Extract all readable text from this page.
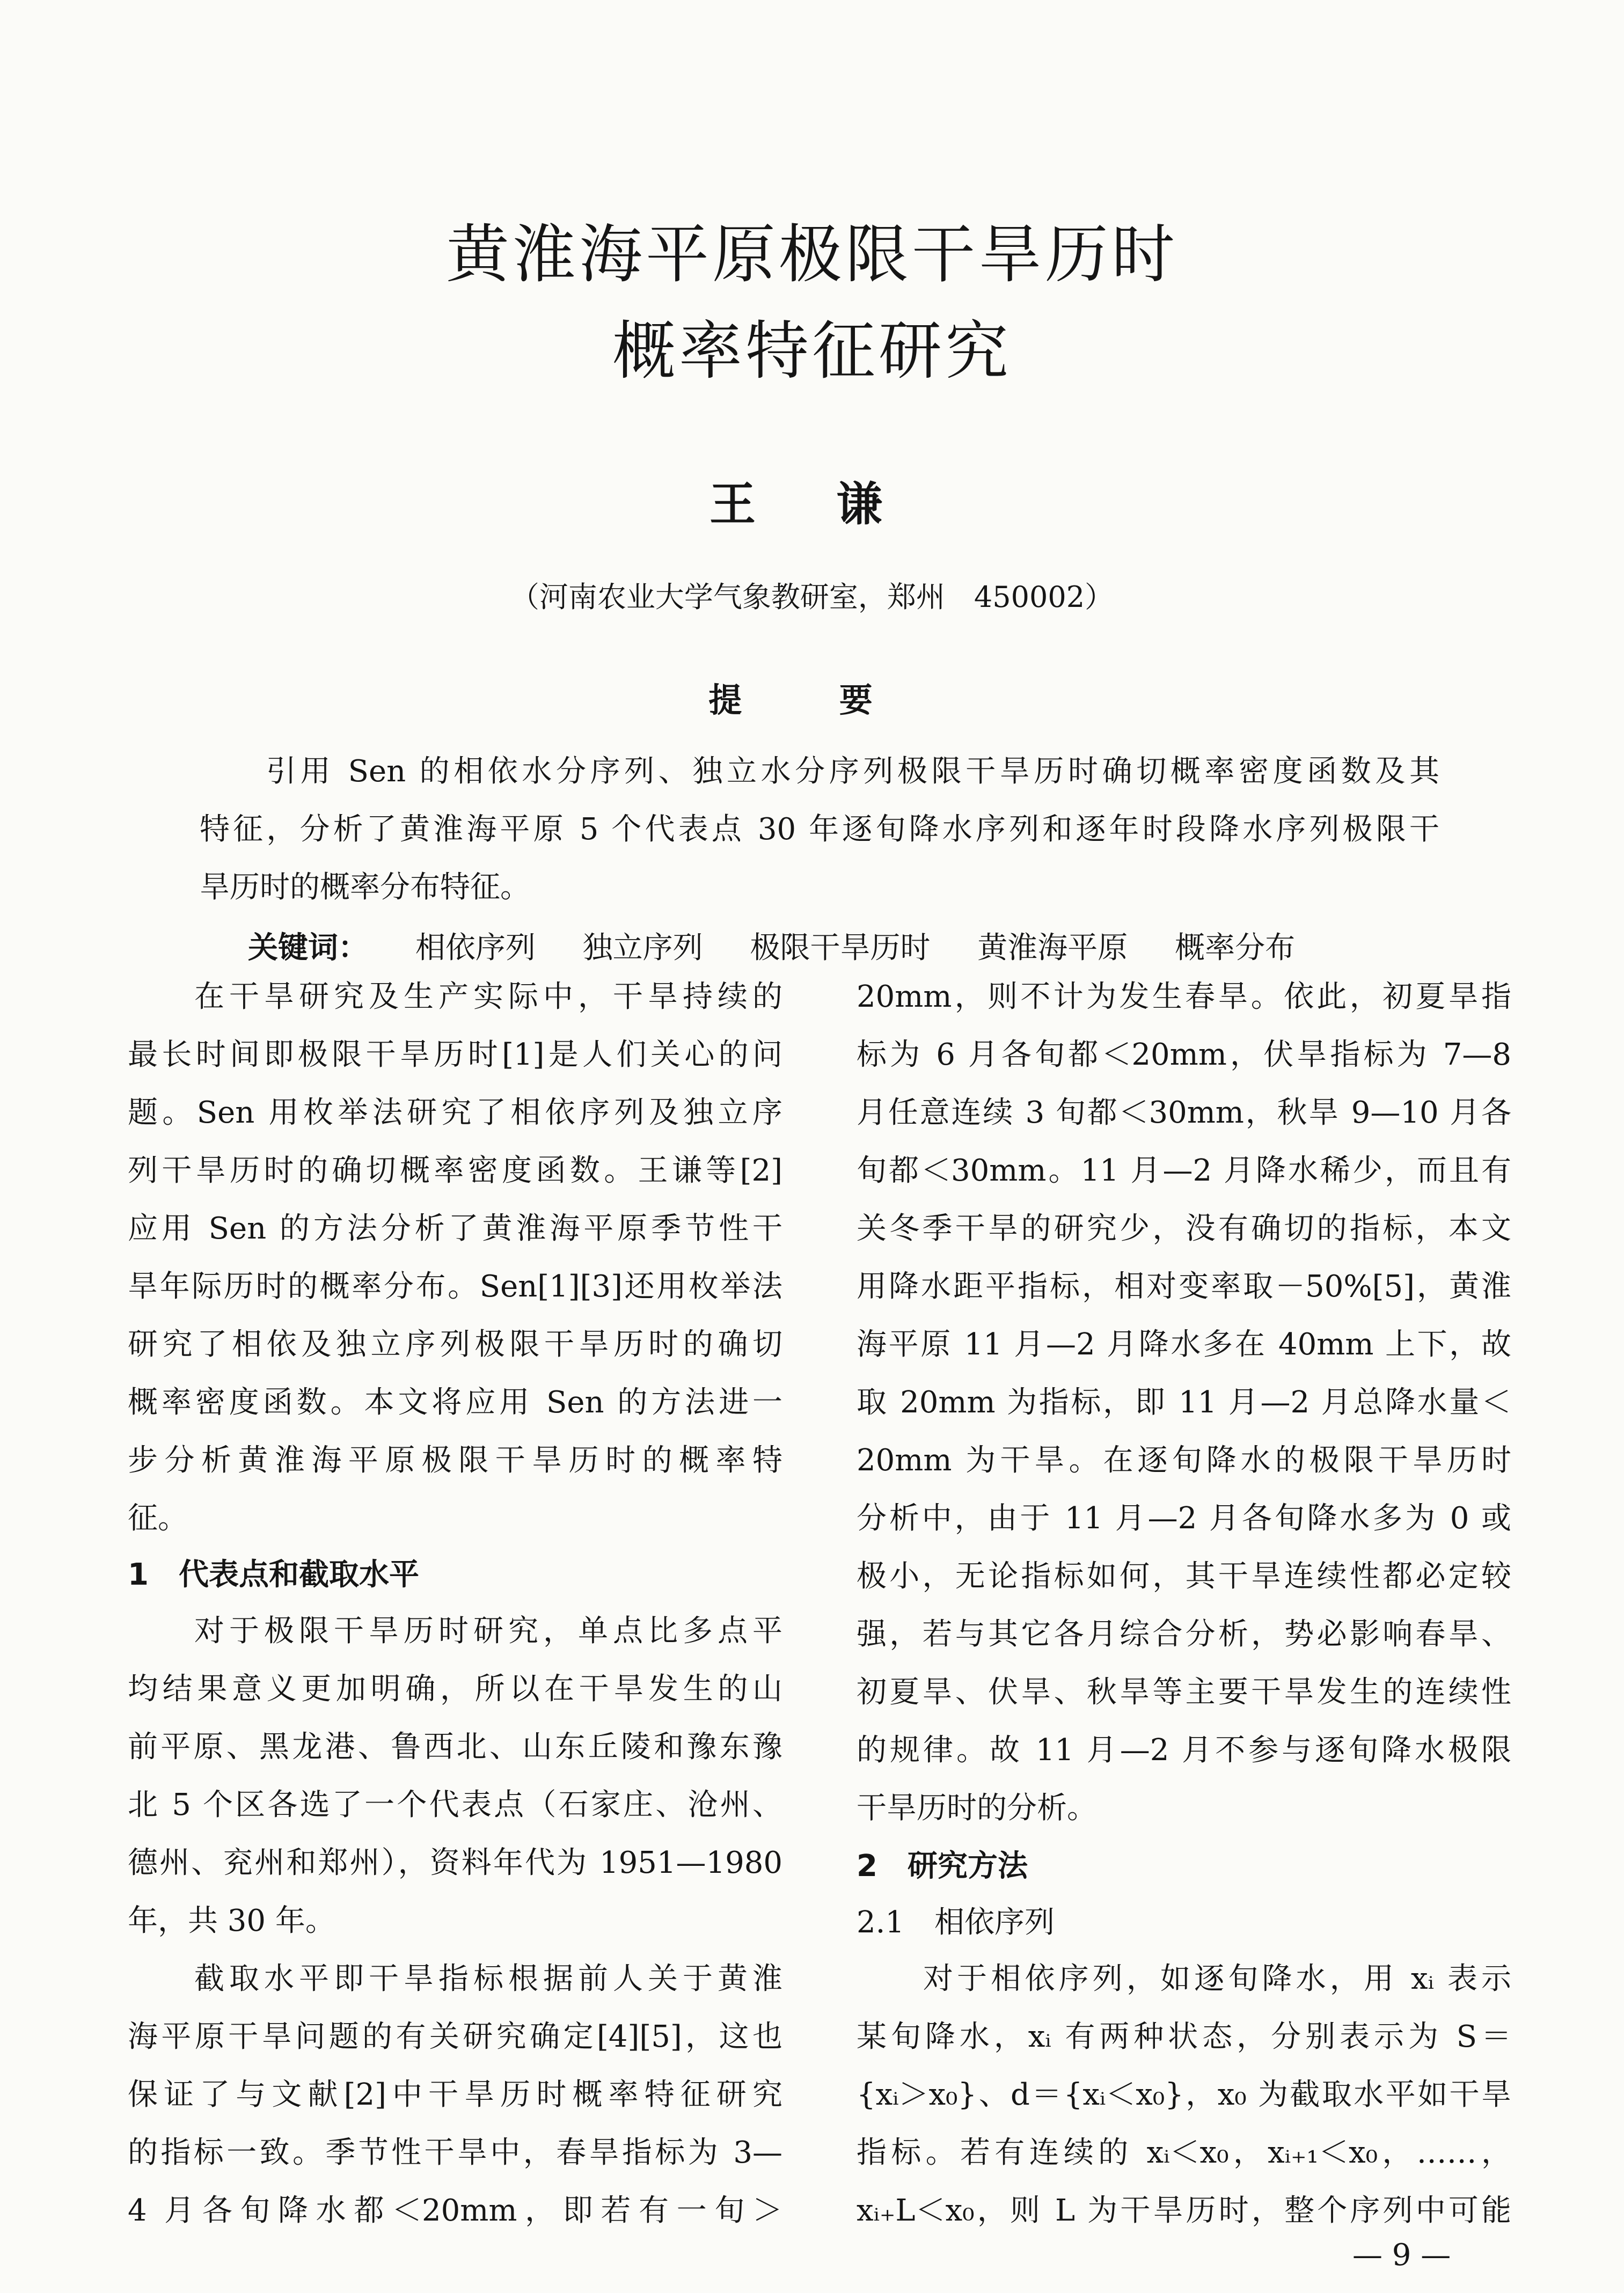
黄淮海平原极限干旱历时
概率特征研究
王 谦
（河南农业大学气象教研室，郑州　450002）
提 要
引用 Sen 的相依水分序列、独立水分序列极限干旱历时确切概率密度函数及其
特征，分析了黄淮海平原 5 个代表点 30 年逐旬降水序列和逐年时段降水序列极限干
旱历时的概率分布特征。
关键词： 相依序列 独立序列 极限干旱历时 黄淮海平原 概率分布
在干旱研究及生产实际中，干旱持续的
最长时间即极限干旱历时[1]是人们关心的问
题。Sen 用枚举法研究了相依序列及独立序
列干旱历时的确切概率密度函数。王谦等[2]
应用 Sen 的方法分析了黄淮海平原季节性干
旱年际历时的概率分布。Sen[1][3]还用枚举法
研究了相依及独立序列极限干旱历时的确切
概率密度函数。本文将应用 Sen 的方法进一
步分析黄淮海平原极限干旱历时的概率特
征。
1　代表点和截取水平
对于极限干旱历时研究，单点比多点平
均结果意义更加明确，所以在干旱发生的山
前平原、黑龙港、鲁西北、山东丘陵和豫东豫
北 5 个区各选了一个代表点（石家庄、沧州、
德州、兖州和郑州），资料年代为 1951—1980
年，共 30 年。
截取水平即干旱指标根据前人关于黄淮
海平原干旱问题的有关研究确定[4][5]，这也
保证了与文献[2]中干旱历时概率特征研究
的指标一致。季节性干旱中，春旱指标为 3—
4 月各旬降水都＜20mm，即若有一旬＞
20mm，则不计为发生春旱。依此，初夏旱指
标为 6 月各旬都＜20mm，伏旱指标为 7—8
月任意连续 3 旬都＜30mm，秋旱 9—10 月各
旬都＜30mm。11 月—2 月降水稀少，而且有
关冬季干旱的研究少，没有确切的指标，本文
用降水距平指标，相对变率取－50%[5]，黄淮
海平原 11 月—2 月降水多在 40mm 上下，故
取 20mm 为指标，即 11 月—2 月总降水量＜
20mm 为干旱。在逐旬降水的极限干旱历时
分析中，由于 11 月—2 月各旬降水多为 0 或
极小，无论指标如何，其干旱连续性都必定较
强，若与其它各月综合分析，势必影响春旱、
初夏旱、伏旱、秋旱等主要干旱发生的连续性
的规律。故 11 月—2 月不参与逐旬降水极限
干旱历时的分析。
2　研究方法
2.1　相依序列
对于相依序列，如逐旬降水，用 xᵢ 表示
某旬降水，xᵢ 有两种状态，分别表示为 S＝
{xᵢ＞x₀}、d＝{xᵢ＜x₀}，x₀ 为截取水平如干旱
指标。若有连续的 xᵢ＜x₀，xᵢ₊₁＜x₀，……，
xᵢ₊L＜x₀，则 L 为干旱历时，整个序列中可能
— 9 —
